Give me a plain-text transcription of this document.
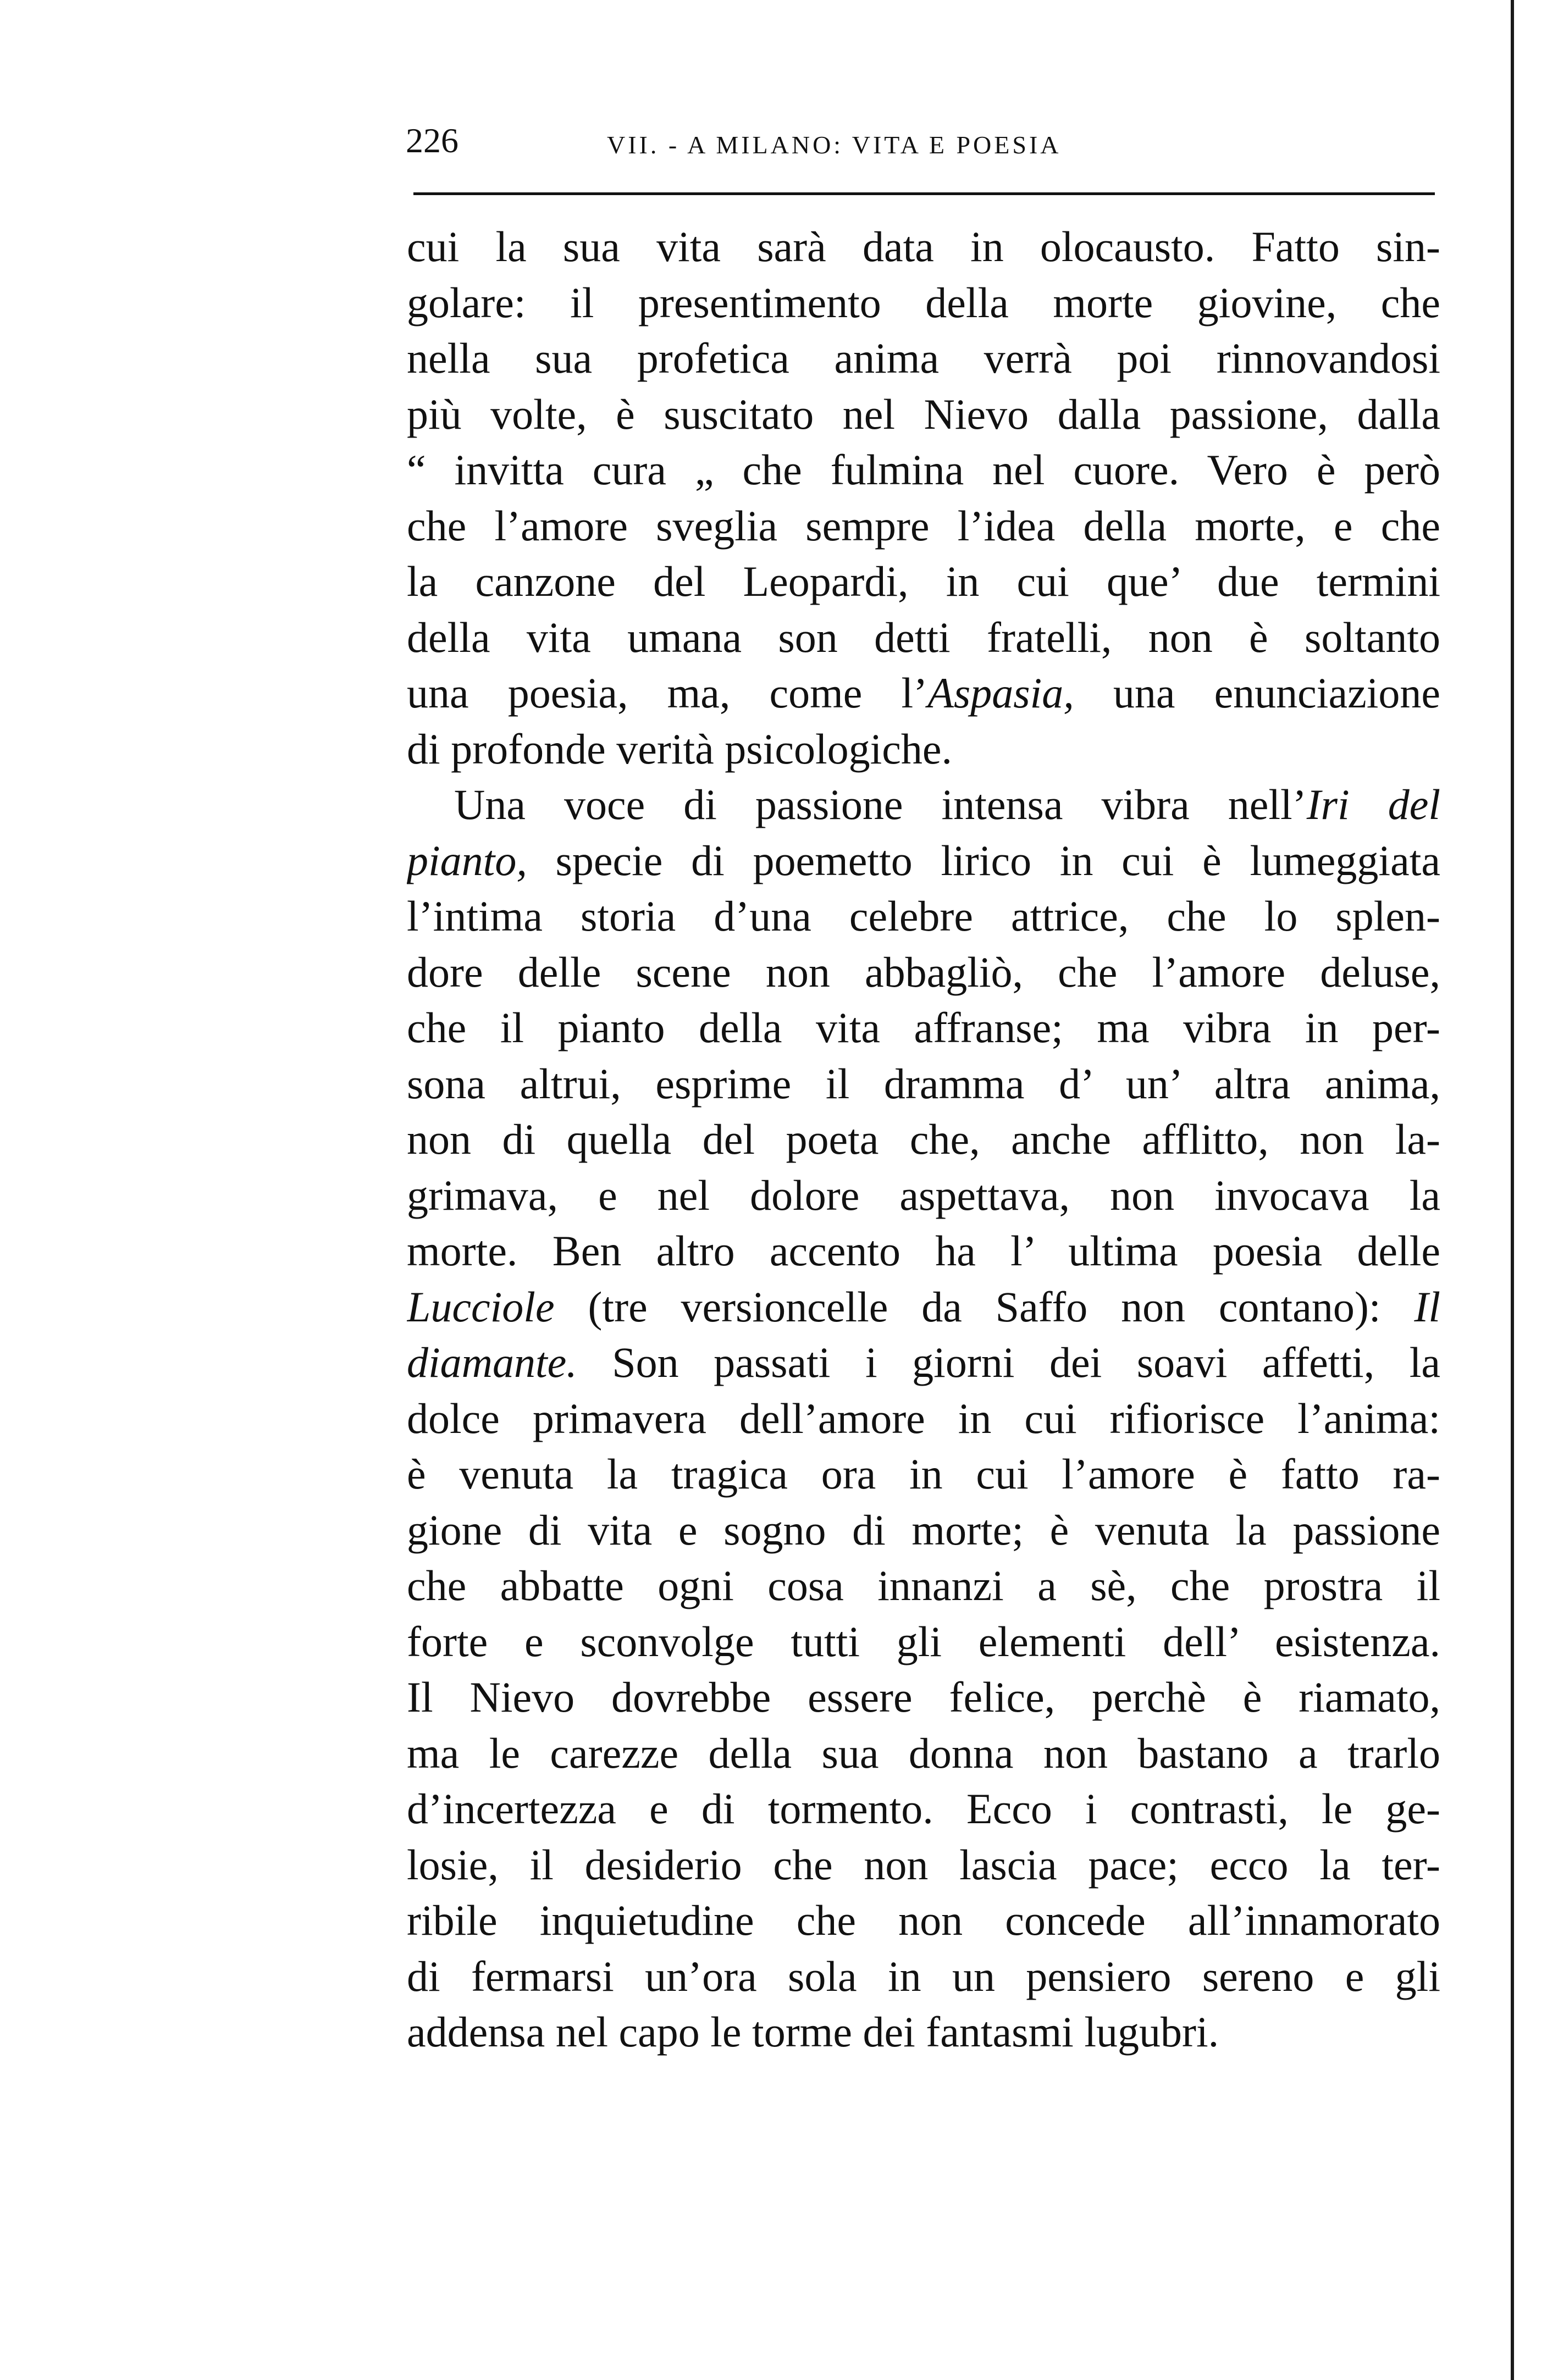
226	VII. - A MILANO: VITA E POESIA
cui la sua vita sarà data in olocausto. Fatto sin-
golare: il presentimento della morte giovine, che
nella sua profetica anima verrà poi rinnovandosi
più volte, è suscitato nel Nievo dalla passione, dalla
“ invitta cura „ che fulmina nel cuore. Vero è però
che l’amore sveglia sempre l’idea della morte, e che
la canzone del Leopardi, in cui que’ due termini
della vita umana son detti fratelli, non è soltanto
una poesia, ma, come l’Aspasia, una enunciazione
di profonde verità psicologiche.
Una voce di passione intensa vibra nell’Iri del
pianto, specie di poemetto lirico in cui è lumeggiata
l’intima storia d’una celebre attrice, che lo splen-
dore delle scene non abbagliò, che l’amore deluse,
che il pianto della vita affranse; ma vibra in per-
sona altrui, esprime il dramma d’ un’ altra anima,
non di quella del poeta che, anche afflitto, non la-
grimava, e nel dolore aspettava, non invocava la
morte. Ben altro accento ha l’ ultima poesia delle
Lucciole (tre versioncelle da Saffo non contano): Il
diamante. Son passati i giorni dei soavi affetti, la
dolce primavera dell’amore in cui rifiorisce l’anima:
è venuta la tragica ora in cui l’amore è fatto ra-
gione di vita e sogno di morte; è venuta la passione
che abbatte ogni cosa innanzi a sè, che prostra il
forte e sconvolge tutti gli elementi dell’ esistenza.
Il Nievo dovrebbe essere felice, perchè è riamato,
ma le carezze della sua donna non bastano a trarlo
d’incertezza e di tormento. Ecco i contrasti, le ge-
losie, il desiderio che non lascia pace; ecco la ter-
ribile inquietudine che non concede all’innamorato
di fermarsi un’ora sola in un pensiero sereno e gli
addensa nel capo le torme dei fantasmi lugubri.
